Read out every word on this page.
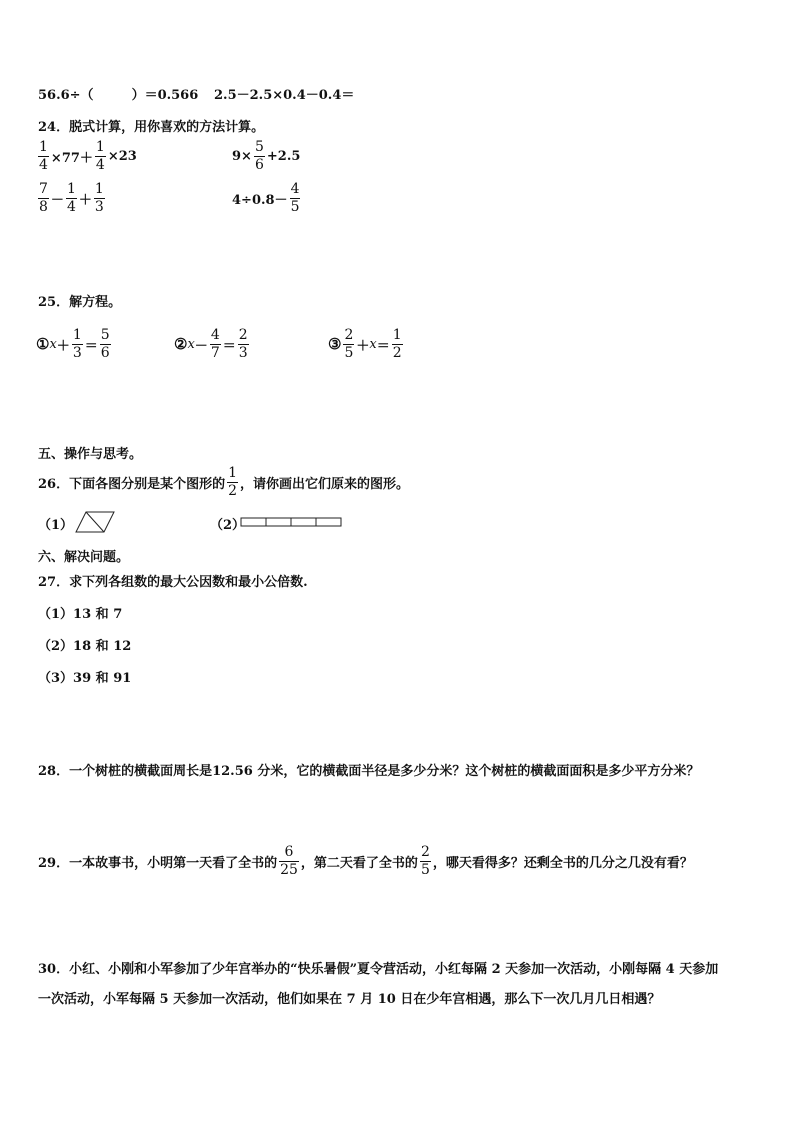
56.6÷（	）＝0.566 2.5－2.5×0.4－0.4＝
24．脱式计算，用你喜欢的方法计算。
$\frac{1}{4} \times 77+ \frac{1}{4} \times 23$	$9\times \frac{5}{6} +2.5$
$\frac{7}{8} - \frac{1}{4} + \frac{1}{3}$	$4\div 0.8- \frac{4}{5}$
25．解方程。
① $x + \frac{1}{3} = \frac{5}{6}$	② $x - \frac{4}{7} = \frac{2}{3}$	③ $\frac{2}{5} + x = \frac{1}{2}$
五、操作与思考。
26．下面各图分别是某个图形的 $\frac{1}{2}$ ，请你画出它们原来的图形。
（1）	（2）
六、解决问题。
27．求下列各组数的最大公因数和最小公倍数.
（1）13 和 7
（2）18 和 12
（3）39 和 91
28．一个树桩的横截面周长是12.56 分米，它的横截面半径是多少分米？这个树桩的横截面面积是多少平方分米？
29．一本故事书，小明第一天看了全书的 $\frac{6}{25}$ ，第二天看了全书的 $\frac{2}{5}$ ，哪天看得多？还剩全书的几分之几没有看？
30．小红、小刚和小军参加了少年宫举办的“快乐暑假”夏令营活动，小红每隔 2 天参加一次活动，小刚每隔 4 天参加
一次活动，小军每隔 5 天参加一次活动，他们如果在 7 月 10 日在少年宫相遇，那么下一次几月几日相遇？
